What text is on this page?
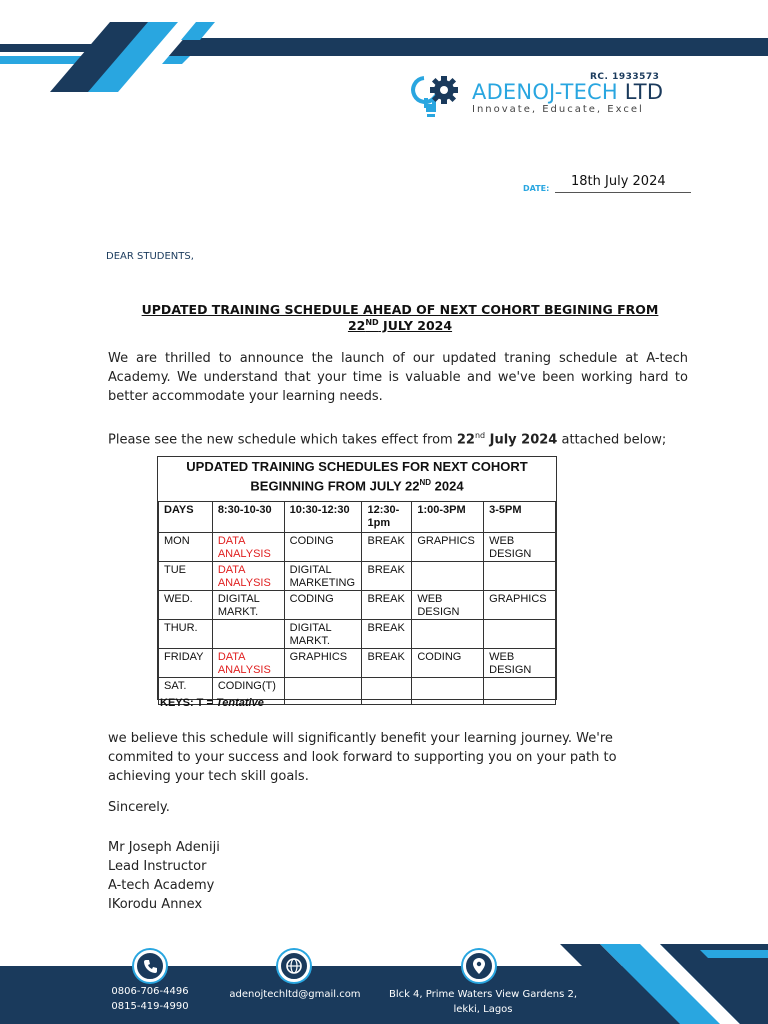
RC. 1933573
ADENOJ-TECH LTD
Innovate, Educate, Excel
DATE: 18th July 2024
DEAR STUDENTS,
UPDATED TRAINING SCHEDULE AHEAD OF NEXT COHORT BEGINING FROM
22ND JULY 2024
We are thrilled to announce the launch of our updated traning schedule at A-tech Academy. We understand that your time is valuable and we've been working hard to better accommodate your learning needs.
Please see the new schedule which takes effect from 22nd July 2024 attached below;
UPDATED TRAINING SCHEDULES FOR NEXT COHORT
BEGINNING FROM JULY 22ND 2024
DAYS	8:30-10-30	10:30-12:30	12:30-1pm	1:00-3PM	3-5PM
MON	DATA ANALYSIS	CODING	BREAK	GRAPHICS	WEB DESIGN
TUE	DATA ANALYSIS	DIGITAL MARKETING	BREAK		
WED.	DIGITAL MARKT.	CODING	BREAK	WEB DESIGN	GRAPHICS
THUR.		DIGITAL MARKT.	BREAK		
FRIDAY	DATA ANALYSIS	GRAPHICS	BREAK	CODING	WEB DESIGN
SAT.	CODING(T)				
KEYS: T = Tentative
we believe this schedule will significantly benefit your learning journey. We're commited to your success and look forward to supporting you on your path to achieving your tech skill goals.
Sincerely.
Mr Joseph Adeniji
Lead Instructor
A-tech Academy
IKorodu Annex
0806-706-4496
0815-419-4990
adenojtechltd@gmail.com	Blck 4, Prime Waters View Gardens 2,
lekki, Lagos
